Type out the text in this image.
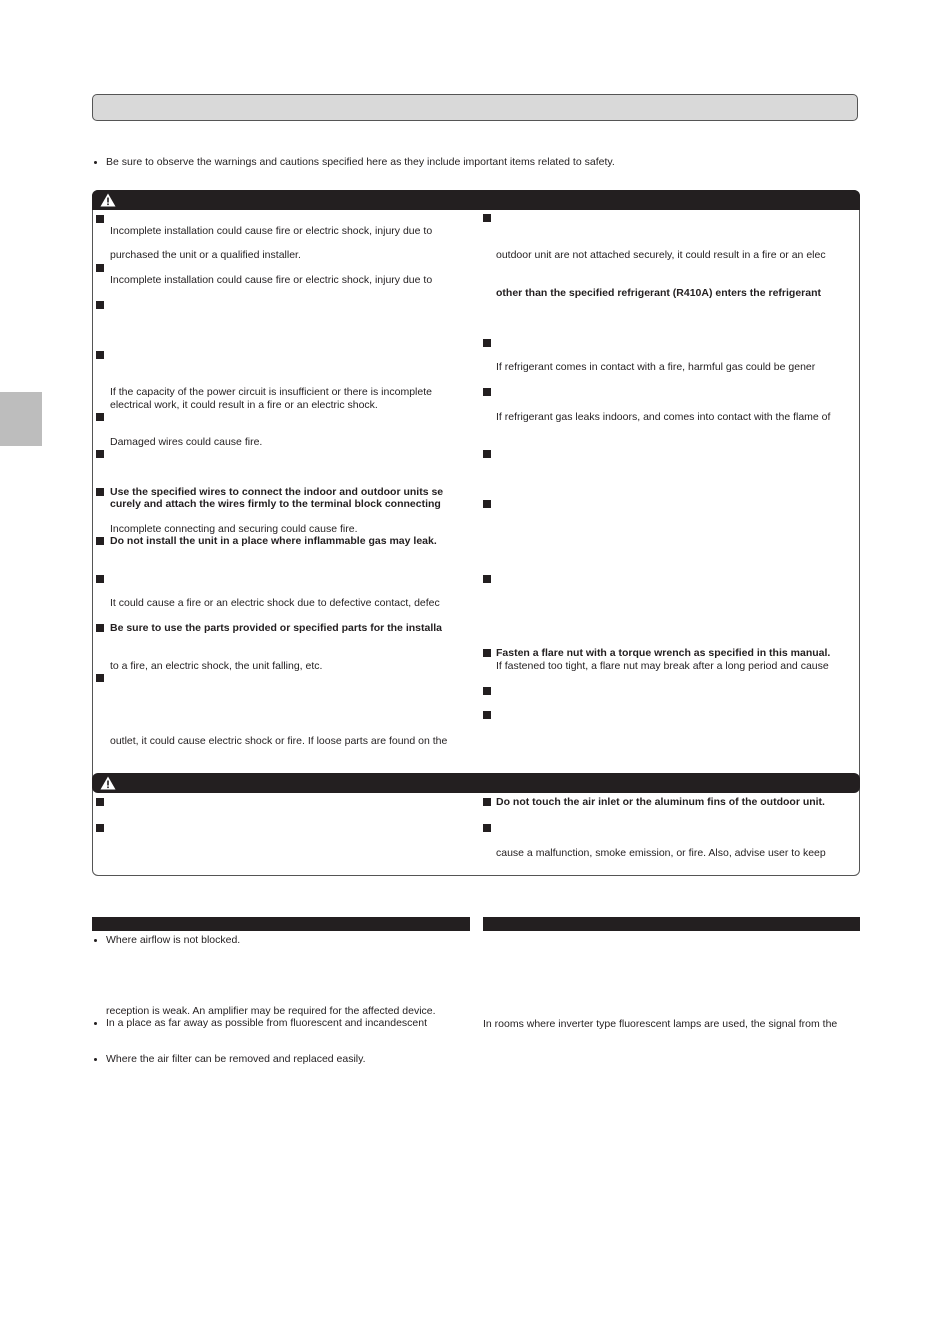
Be sure to observe the warnings and cautions specified here as they include important items related to safety.
Incomplete installation could cause fire or electric shock, injury due to
purchased the unit or a qualified installer.
Incomplete installation could cause fire or electric shock, injury due to
If the capacity of the power circuit is insufficient or there is incomplete
electrical work, it could result in a fire or an electric shock.
Damaged wires could cause fire.
Use the specified wires to connect the indoor and outdoor units se
curely and attach the wires firmly to the terminal block connecting
Incomplete connecting and securing could cause fire.
Do not install the unit in a place where inflammable gas may leak.
It could cause a fire or an electric shock due to defective contact, defec
Be sure to use the parts provided or specified parts for the installa
to a fire, an electric shock, the unit falling, etc.
outlet, it could cause electric shock or fire. If loose parts are found on the
outdoor unit are not attached securely, it could result in a fire or an elec
other than the specified refrigerant (R410A) enters the refrigerant
If refrigerant comes in contact with a fire, harmful gas could be gener
If refrigerant gas leaks indoors, and comes into contact with the flame of
Fasten a flare nut with a torque wrench as specified in this manual.
If fastened too tight, a flare nut may break after a long period and cause
Do not touch the air inlet or the aluminum fins of the outdoor unit.
cause a malfunction, smoke emission, or fire. Also, advise user to keep
Where airflow is not blocked.
reception is weak. An amplifier may be required for the affected device.
In a place as far away as possible from fluorescent and incandescent
Where the air filter can be removed and replaced easily.
In rooms where inverter type fluorescent lamps are used, the signal from the
